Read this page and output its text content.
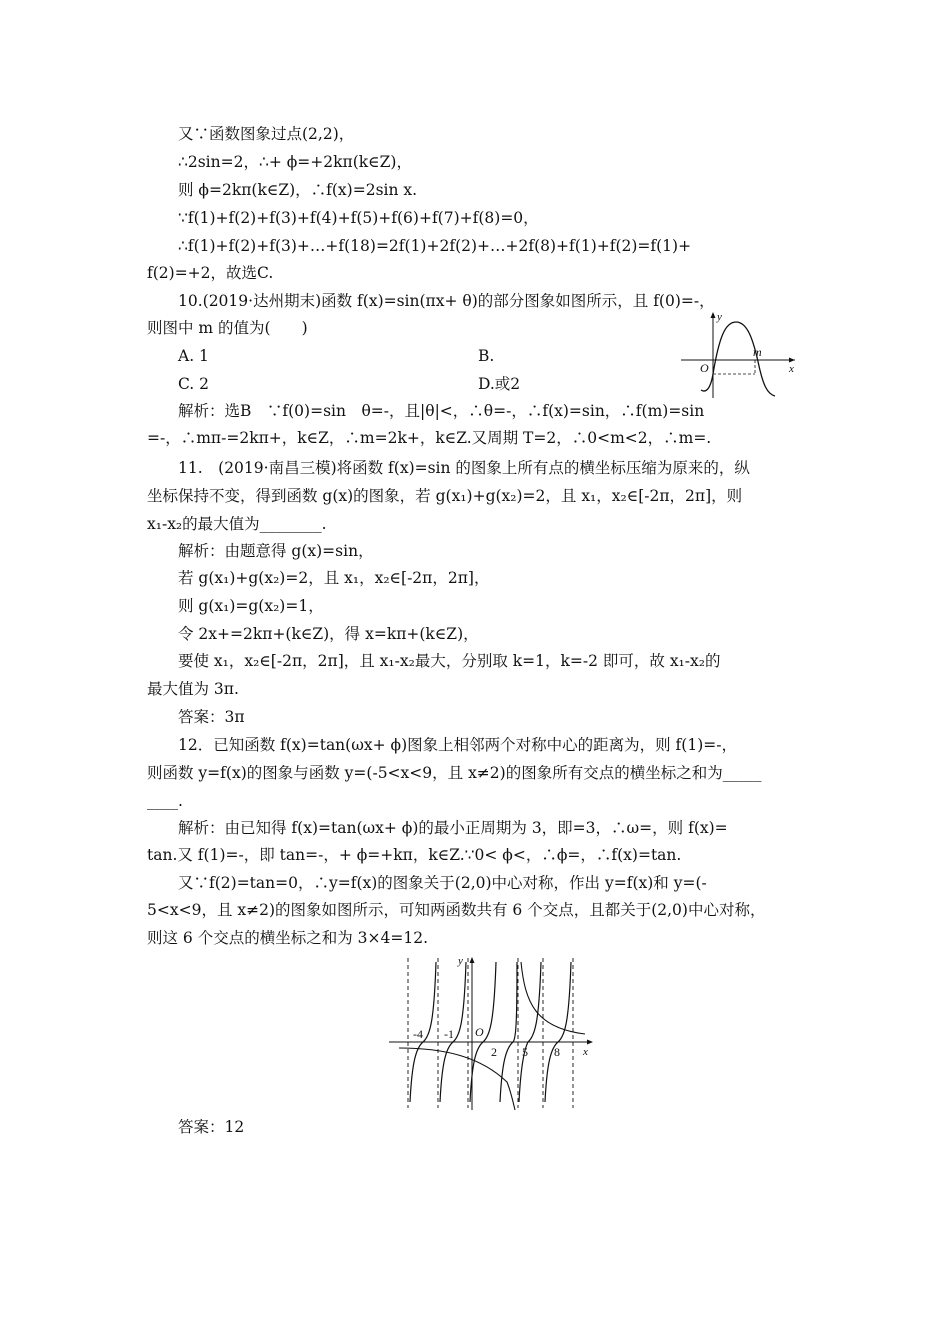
又∵函数图象过点(2,2)，
∴2sin=2，∴+ ϕ=+2kπ(k∈Z)，
则 ϕ=2kπ(k∈Z)，∴f(x)=2sin x.
∵f(1)+f(2)+f(3)+f(4)+f(5)+f(6)+f(7)+f(8)=0，
∴f(1)+f(2)+f(3)+…+f(18)=2f(1)+2f(2)+…+2f(8)+f(1)+f(2)=f(1)+
f(2)=+2，故选C.
10.(2019·达州期末)函数 f(x)=sin(πx+ θ)的部分图象如图所示，且 f(0)=-，
则图中 m 的值为(　　)
A. 1	B.
C. 2	D.或2
y
x
O
m
解析：选B　∵f(0)=sin　θ=-，且|θ|<，∴θ=-，∴f(x)=sin，∴f(m)=sin
=-，∴mπ-=2kπ+，k∈Z，∴m=2k+，k∈Z.又周期 T=2，∴0<m<2，∴m=.
11.　(2019·南昌三模)将函数 f(x)=sin 的图象上所有点的横坐标压缩为原来的，纵
坐标保持不变，得到函数 g(x)的图象，若 g(x₁)+g(x₂)=2，且 x₁，x₂∈[-2π，2π]，则
x₁-x₂的最大值为________.
解析：由题意得 g(x)=sin，
若 g(x₁)+g(x₂)=2，且 x₁，x₂∈[-2π，2π]，
则 g(x₁)=g(x₂)=1，
令 2x+=2kπ+(k∈Z)，得 x=kπ+(k∈Z)，
要使 x₁，x₂∈[-2π，2π]，且 x₁-x₂最大，分别取 k=1，k=-2 即可，故 x₁-x₂的
最大值为 3π.
答案：3π
12．已知函数 f(x)=tan(ωx+ ϕ)图象上相邻两个对称中心的距离为，则 f(1)=-，
则函数 y=f(x)的图象与函数 y=(-5<x<9，且 x≠2)的图象所有交点的横坐标之和为_____
____.
解析：由已知得 f(x)=tan(ωx+ ϕ)的最小正周期为 3，即=3，∴ω=，则 f(x)=
tan.又 f(1)=-，即 tan=-，+ ϕ=+kπ，k∈Z.∵0< ϕ<，∴ϕ=，∴f(x)=tan.
又∵f(2)=tan=0，∴y=f(x)的图象关于(2,0)中心对称，作出 y=f(x)和 y=(-
5<x<9，且 x≠2)的图象如图所示，可知两函数共有 6 个交点，且都关于(2,0)中心对称，
则这 6 个交点的横坐标之和为 3×4=12.
y
x
O
-4 -1
2 5 8
答案：12
